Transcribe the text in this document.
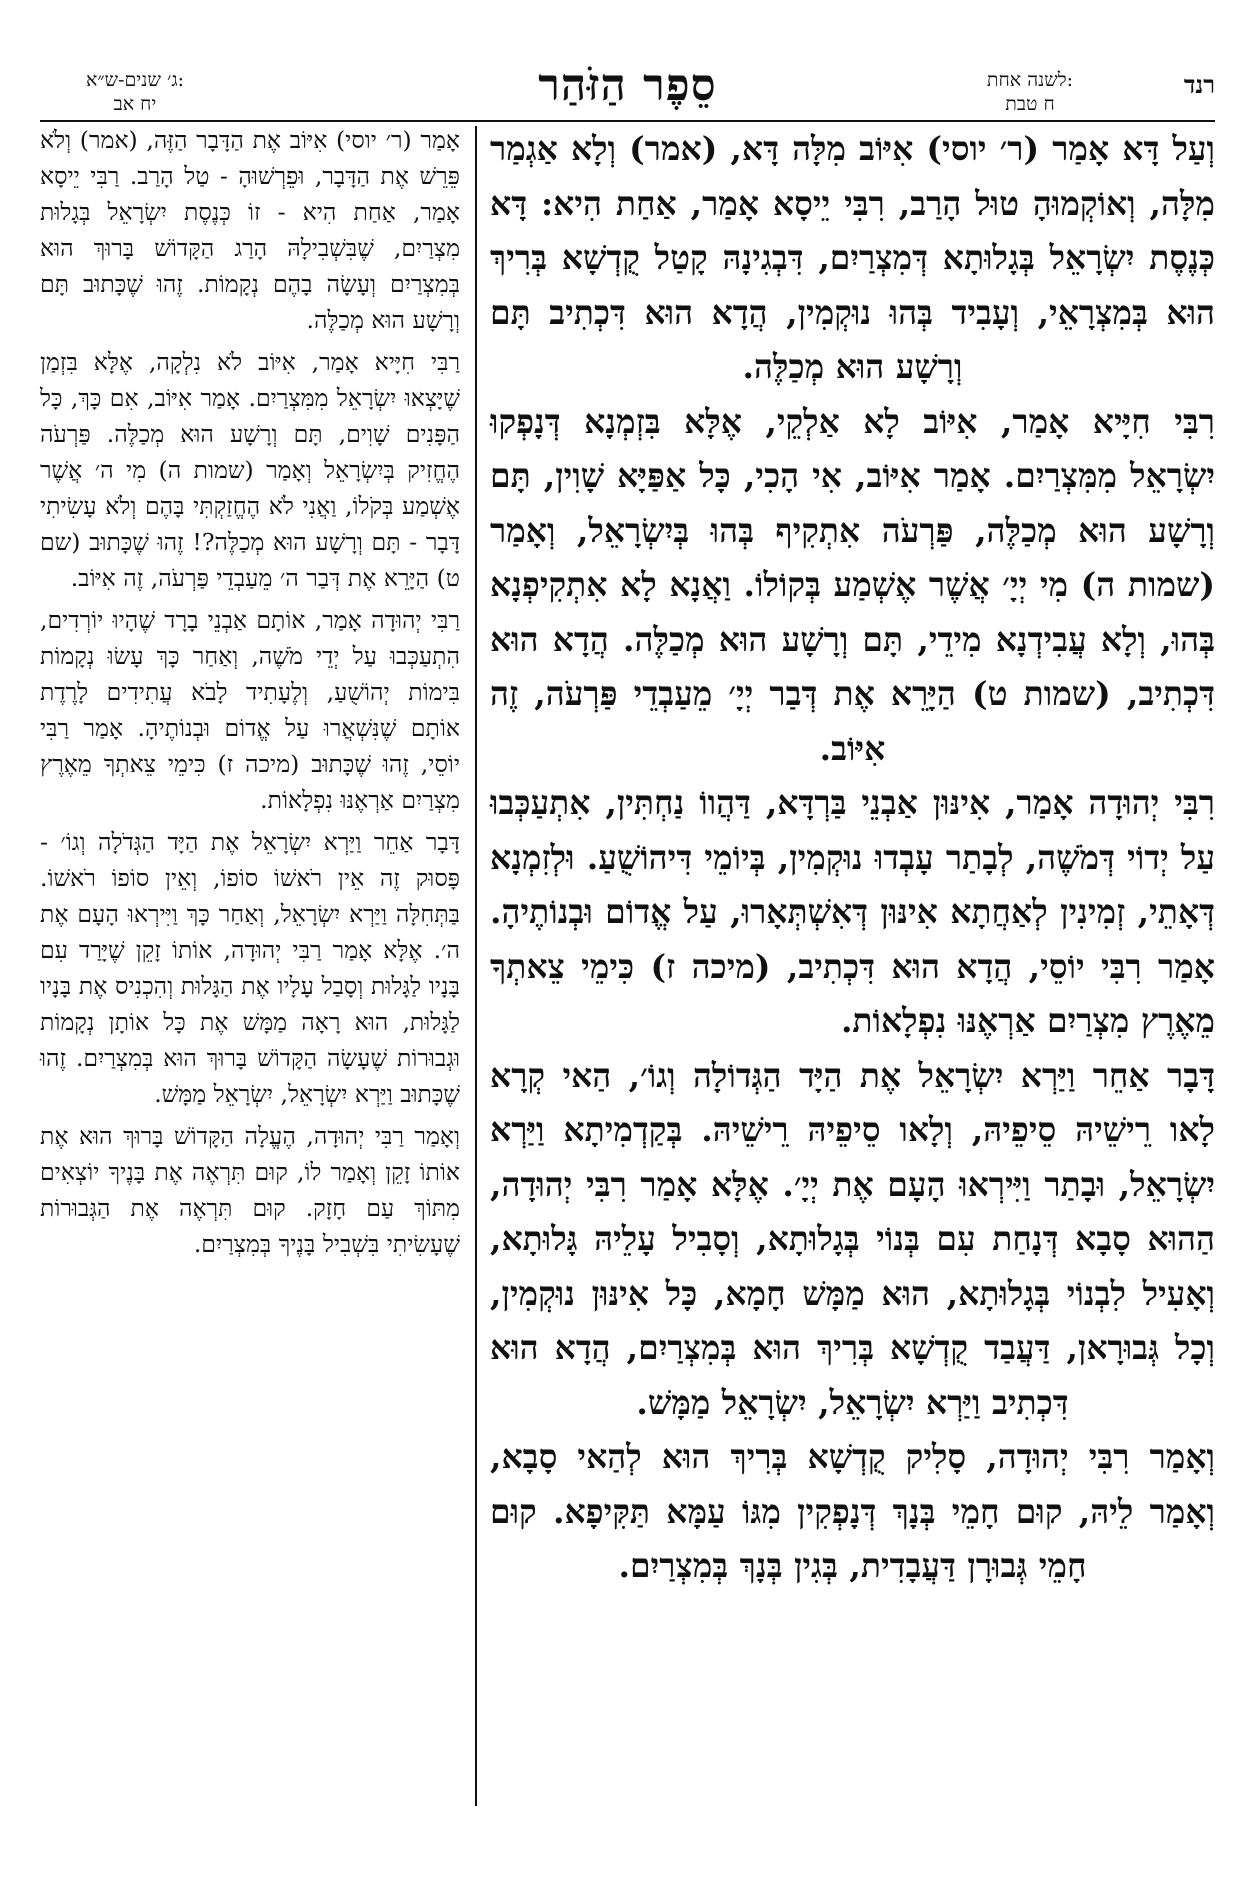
ג׳ שנים-ש״א:
יח אב	סֵפֶר הַזֹּהַר	לשנה אחת:
ח טבת
רנד

וְעַל דָּא אָמַר (ר׳ יוסי) אִיּוֹב מִלָּה דָּא, (אמר) וְלָא אַגְמַר מִלָּה, וְאוֹקְמוּהָ טוּל הָרַב, רִבִּי יֵיסָא אָמַר, אַחַת הִיא: דָּא כְּנֶסֶת יִשְׂרָאֵל בְּגָלוּתָא דְּמִצְרַיִם, דִּבְגִינָהּ קָטַל קֻדְשָׁא בְּרִיךְ הוּא בְּמִצְרָאֵי, וְעָבִיד בְּהוּ נוּקְמִין, הֲדָא הוּא דִּכְתִיב תָּם וְרָשָׁע הוּא מְכַלֶּה.

רִבִּי חִיָּיא אָמַר, אִיּוֹב לָא אַלְקֵי, אֶלָּא בִּזְמְנָא דְּנָפְקוּ יִשְׂרָאֵל מִמִּצְרַיִם. אָמַר אִיּוֹב, אִי הָכִי, כָּל אַפַּיָּא שָׁוִין, תָּם וְרָשָׁע הוּא מְכַלֶּה, פַּרְעֹה אִתְקִיף בְּהוּ בְּיִשְׂרָאֵל, וְאָמַר (שמות ה) מִי יְיָ׳ אֲשֶׁר אֶשְׁמַע בְּקוֹלוֹ. וַאֲנָא לָא אִתְקִיפְנָא בְּהוּ, וְלָא עֲבִידְנָא מִידֵי, תָּם וְרָשָׁע הוּא מְכַלֶּה. הֲדָא הוּא דִּכְתִיב, (שמות ט) הַיָּרֵא אֶת דְּבַר יְיָ׳ מֵעַבְדֵי פַּרְעֹה, זֶה אִיּוֹב.

רִבִּי יְהוּדָה אָמַר, אִינּוּן אַבְנֵי בַּרְדָּא, דַּהֲווֹ נַחְתִּין, אִתְעַכְּבוּ עַל יְדוֹי דְּמֹשֶׁה, לְבָתַר עָבְדוּ נוּקְמִין, בְּיוֹמֵי דִּיהוֹשֻׁעַ. וּלְזִמְנָא דְּאָתֵי, זְמִינִין לְאַחֲתָא אִינּוּן דְּאִשְׁתְּאָרוּ, עַל אֱדוֹם וּבְנוֹתֶיהָ. אָמַר רִבִּי יוֹסֵי, הֲדָא הוּא דִּכְתִיב, (מיכה ז) כִּימֵי צֵאתְךָ מֵאֶרֶץ מִצְרַיִם אַרְאֶנּוּ נִפְלָאוֹת.

דָּבָר אַחֵר וַיַּרְא יִשְׂרָאֵל אֶת הַיָּד הַגְּדוֹלָה וְגוֹ׳, הַאי קְרָא לָאו רֵישֵׁיהּ סֵיפֵיהּ, וְלָאו סֵיפֵיהּ רֵישֵׁיהּ. בְּקַדְמִיתָא וַיַּרְא יִשְׂרָאֵל, וּבָתַר וַיִּירְאוּ הָעָם אֶת יְיָ׳. אֶלָּא אָמַר רִבִּי יְהוּדָה, הַהוּא סָבָא דְּנָחַת עִם בְּנוֹי בְּגָלוּתָא, וְסָבִיל עָלֵיהּ גָּלוּתָא, וְאָעִיל לִבְנוֹי בְּגָלוּתָא, הוּא מַמָּשׁ חָמָא, כָּל אִינּוּן נוּקְמִין, וְכָל גְּבוּרָאן, דַּעֲבַד קֻדְשָׁא בְּרִיךְ הוּא בְּמִצְרַיִם, הֲדָא הוּא דִּכְתִיב וַיַּרְא יִשְׂרָאֵל, יִשְׂרָאֵל מַמָּשׁ.

וְאָמַר רִבִּי יְהוּדָה, סָלִיק קֻדְשָׁא בְּרִיךְ הוּא לְהַאי סָבָא, וְאָמַר לֵיהּ, קוּם חָמֵי בְּנָךְ דְּנָפְקִין מִגּוֹ עַמָּא תַּקִּיפָא. קוּם חָמֵי גְּבוּרָן דַּעֲבָדִית, בְּגִין בְּנָךְ בְּמִצְרַיִם.

אָמַר (ר׳ יוסי) אִיּוֹב אֶת הַדָּבָר הַזֶּה, (אמר) וְלֹא פֵּרֵשׁ אֶת הַדָּבָר, וּפֵרְשׁוּהָ - טַל הָרַב. רַבִּי יֵיסָא אָמַר, אַחַת הִיא - זוֹ כְּנֶסֶת יִשְׂרָאֵל בְּגָלוּת מִצְרַיִם, שֶׁבִּשְׁבִילָהּ הָרַג הַקָּדוֹשׁ בָּרוּךְ הוּא בְּמִצְרַיִם וְעָשָׂה בָהֶם נְקָמוֹת. זֶהוּ שֶׁכָּתוּב תָּם וְרָשָׁע הוּא מְכַלֶּה.

רַבִּי חִיָּיא אָמַר, אִיּוֹב לֹא נִלְקָה, אֶלָּא בִּזְמַן שֶׁיָּצְאוּ יִשְׂרָאֵל מִמִּצְרַיִם. אָמַר אִיּוֹב, אִם כָּךְ, כָּל הַפָּנִים שָׁוִים, תָּם וְרָשָׁע הוּא מְכַלֶּה. פַּרְעֹה הֶחֱזִיק בְּיִשְׂרָאֵל וְאָמַר (שמות ה) מִי ה׳ אֲשֶׁר אֶשְׁמַע בְּקֹלוֹ, וַאֲנִי לֹא הֶחֱזַקְתִּי בָּהֶם וְלֹא עָשִׂיתִי דָּבָר - תָּם וְרָשָׁע הוּא מְכַלֶּה?! זֶהוּ שֶׁכָּתוּב (שם ט) הַיָּרֵא אֶת דְּבַר ה׳ מֵעַבְדֵי פַּרְעֹה, זֶה אִיּוֹב.

רַבִּי יְהוּדָה אָמַר, אוֹתָם אַבְנֵי בָרָד שֶׁהָיוּ יוֹרְדִים, הִתְעַכְּבוּ עַל יְדֵי מֹשֶׁה, וְאַחַר כָּךְ עָשׂוּ נְקָמוֹת בִּימוֹת יְהוֹשֻׁעַ, וְלֶעָתִיד לָבֹא עֲתִידִים לָרֶדֶת אוֹתָם שֶׁנִּשְׁאֲרוּ עַל אֱדוֹם וּבְנוֹתֶיהָ. אָמַר רַבִּי יוֹסֵי, זֶהוּ שֶׁכָּתוּב (מיכה ז) כִּימֵי צֵאתְךָ מֵאֶרֶץ מִצְרַיִם אַרְאֶנּוּ נִפְלָאוֹת.

דָּבָר אַחֵר וַיַּרְא יִשְׂרָאֵל אֶת הַיָּד הַגְּדֹלָה וְגוֹ׳ - פָּסוּק זֶה אֵין רֹאשׁוֹ סוֹפוֹ, וְאֵין סוֹפוֹ רֹאשׁוֹ. בַּתְּחִלָּה וַיַּרְא יִשְׂרָאֵל, וְאַחַר כָּךְ וַיִּירְאוּ הָעָם אֶת ה׳. אֶלָּא אָמַר רַבִּי יְהוּדָה, אוֹתוֹ זָקֵן שֶׁיָּרַד עִם בָּנָיו לַגָּלוּת וְסָבַל עָלָיו אֶת הַגָּלוּת וְהִכְנִיס אֶת בָּנָיו לַגָּלוּת, הוּא רָאָה מַמָּשׁ אֶת כָּל אוֹתָן נְקָמוֹת וּגְבוּרוֹת שֶׁעָשָׂה הַקָּדוֹשׁ בָּרוּךְ הוּא בְּמִצְרַיִם. זֶהוּ שֶׁכָּתוּב וַיַּרְא יִשְׂרָאֵל, יִשְׂרָאֵל מַמָּשׁ.

וְאָמַר רַבִּי יְהוּדָה, הֶעֱלָה הַקָּדוֹשׁ בָּרוּךְ הוּא אֶת אוֹתוֹ זָקֵן וְאָמַר לוֹ, קוּם תִּרְאֶה אֶת בָּנֶיךָ יוֹצְאִים מִתּוֹךְ עַם חָזָק. קוּם תִּרְאֶה אֶת הַגְּבוּרוֹת שֶׁעָשִׂיתִי בִּשְׁבִיל בָּנֶיךָ בְּמִצְרַיִם.
